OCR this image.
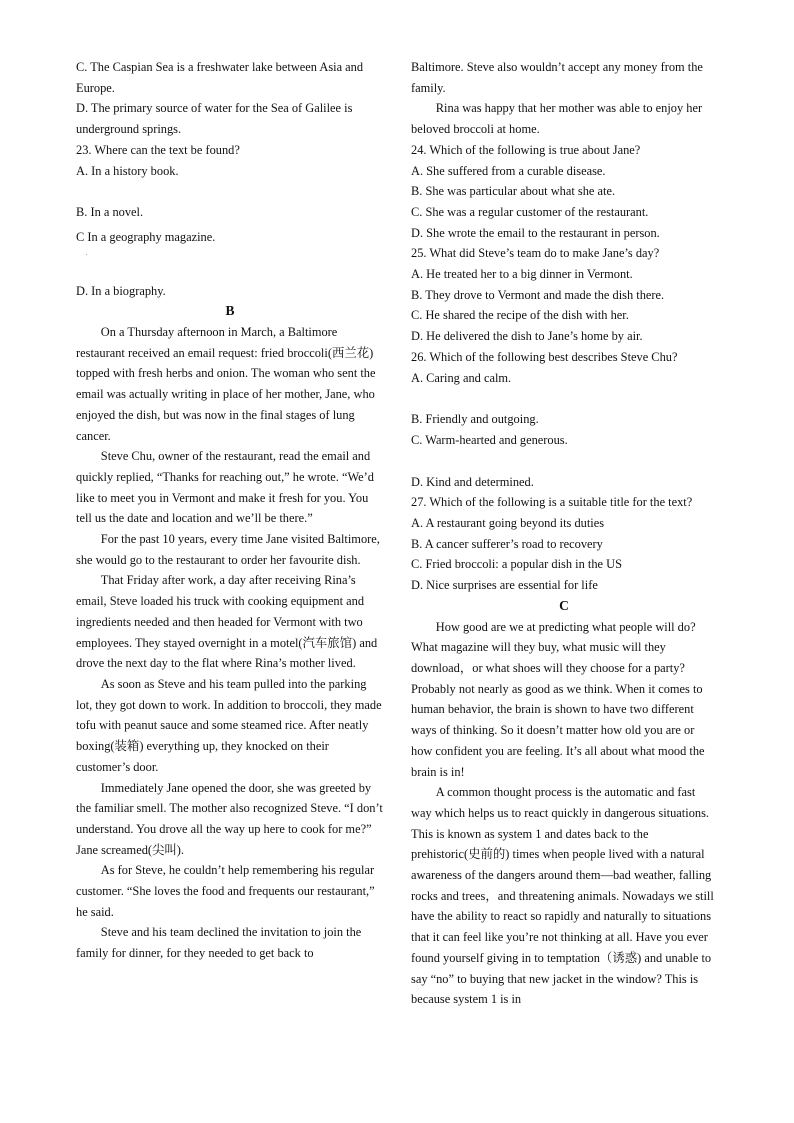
C. The Caspian Sea is a freshwater lake between Asia and Europe.

D. The primary source of water for the Sea of Galilee is underground springs.

23. Where can the text be found?

A. In a history book.

B. In a novel.

C In a geography magazine.

.

D. In a biography.

B

On a Thursday afternoon in March, a Baltimore restaurant received an email request: fried broccoli(西兰花) topped with fresh herbs and onion. The woman who sent the email was actually writing in place of her mother, Jane, who enjoyed the dish, but was now in the final stages of lung cancer.

Steve Chu, owner of the restaurant, read the email and quickly replied, “Thanks for reaching out,” he wrote. “We’d like to meet you in Vermont and make it fresh for you. You tell us the date and location and we’ll be there.”

For the past 10 years, every time Jane visited Baltimore, she would go to the restaurant to order her favourite dish.

That Friday after work, a day after receiving Rina’s email, Steve loaded his truck with cooking equipment and ingredients needed and then headed for Vermont with two employees. They stayed overnight in a motel(汽车旅馆) and drove the next day to the flat where Rina’s mother lived.

As soon as Steve and his team pulled into the parking lot, they got down to work. In addition to broccoli, they made tofu with peanut sauce and some steamed rice. After neatly boxing(装箱) everything up, they knocked on their customer’s door.

Immediately Jane opened the door, she was greeted by the familiar smell. The mother also recognized Steve. “I don’t understand. You drove all the way up here to cook for me?” Jane screamed(尖叫).

As for Steve, he couldn’t help remembering his regular customer. “She loves the food and frequents our restaurant,” he said.

Steve and his team declined the invitation to join the family for dinner, for they needed to get back to

Baltimore. Steve also wouldn’t accept any money from the family.

Rina was happy that her mother was able to enjoy her beloved broccoli at home.

24. Which of the following is true about Jane?

A. She suffered from a curable disease.

B. She was particular about what she ate.

C. She was a regular customer of the restaurant.

D. She wrote the email to the restaurant in person.

25. What did Steve’s team do to make Jane’s day?

A. He treated her to a big dinner in Vermont.

B. They drove to Vermont and made the dish there.

C. He shared the recipe of the dish with her.

D. He delivered the dish to Jane’s home by air.

26. Which of the following best describes Steve Chu?

A. Caring and calm.

B. Friendly and outgoing.

C. Warm-hearted and generous.

D. Kind and determined.

27. Which of the following is a suitable title for the text?

A. A restaurant going beyond its duties

B. A cancer sufferer’s road to recovery

C. Fried broccoli: a popular dish in the US

D. Nice surprises are essential for life

C

How good are we at predicting what people will do? What magazine will they buy, what music will they download，or what shoes will they choose for a party? Probably not nearly as good as we think. When it comes to human behavior, the brain is shown to have two different ways of thinking. So it doesn’t matter how old you are or how confident you are feeling. It’s all about what mood the brain is in!

A common thought process is the automatic and fast way which helps us to react quickly in dangerous situations. This is known as system 1 and dates back to the prehistoric(史前的) times when people lived with a natural awareness of the dangers around them—bad weather, falling rocks and trees，and threatening animals. Nowadays we still have the ability to react so rapidly and naturally to situations that it can feel like you’re not thinking at all. Have you ever found yourself giving in to temptation（诱惑) and unable to say “no” to buying that new jacket in the window? This is because system 1 is in
